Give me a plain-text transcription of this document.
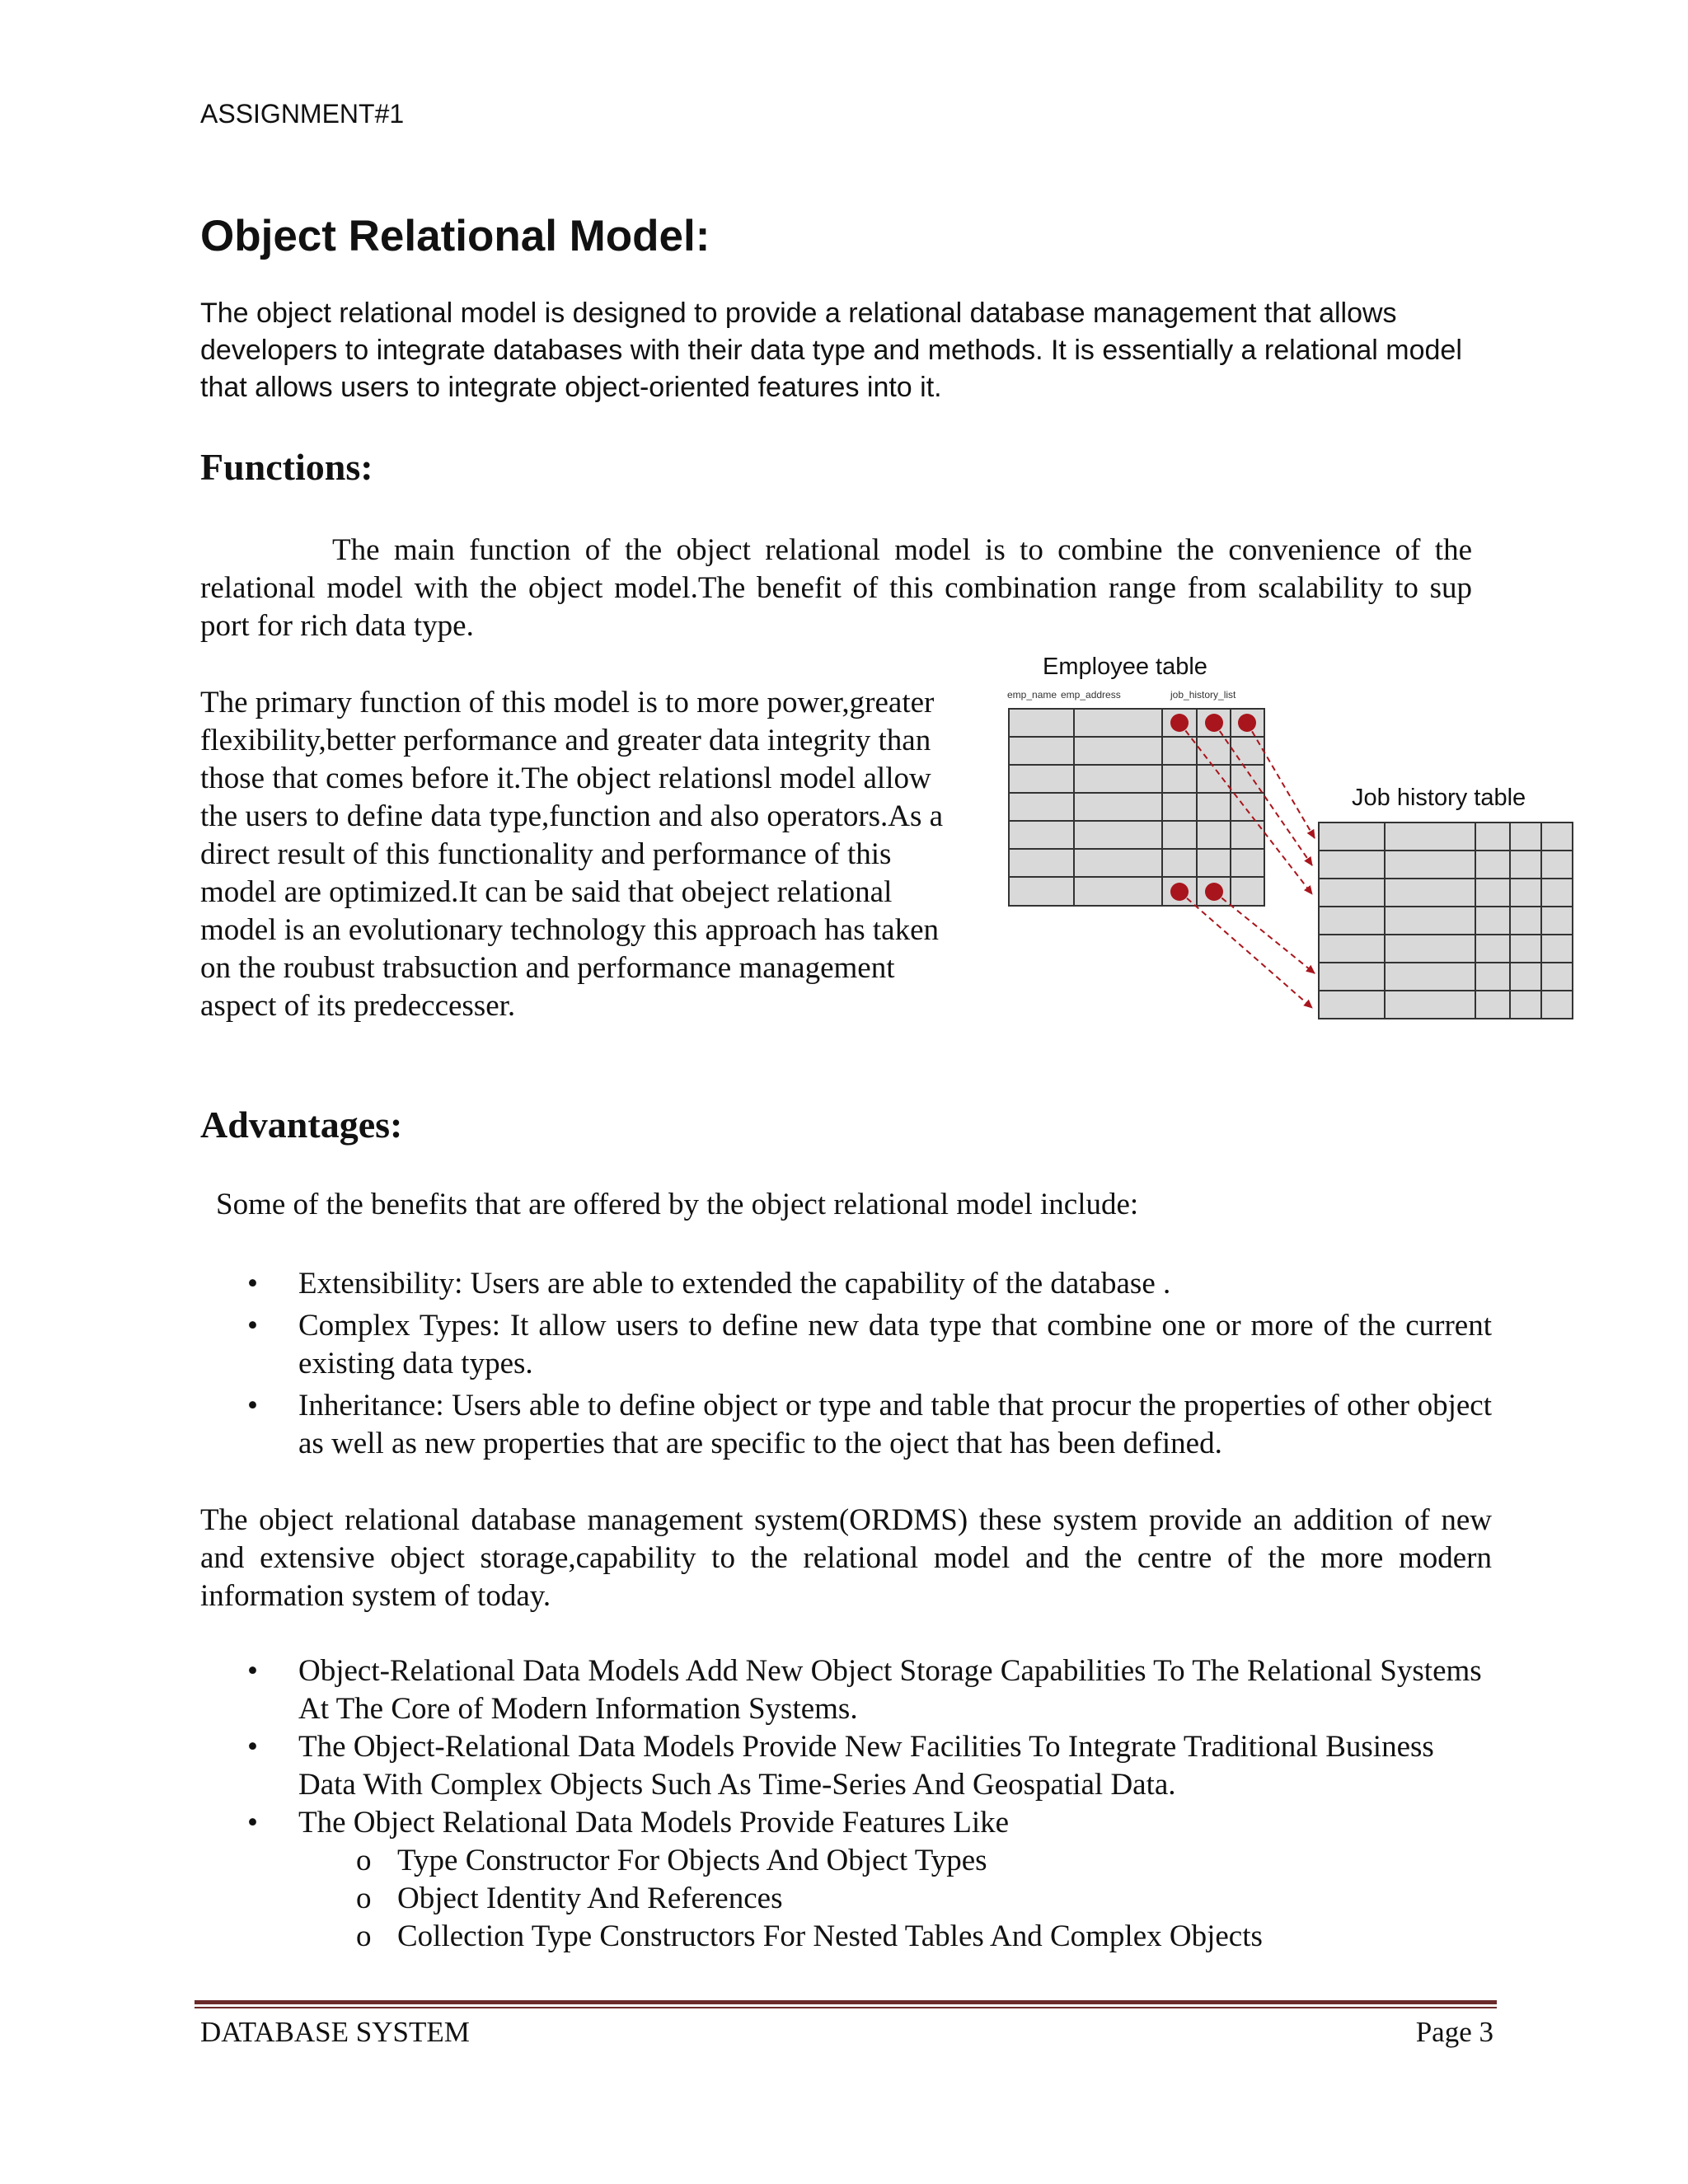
ASSIGNMENT#1
Object Relational Model:

The object relational model is designed to provide a relational database management that allows developers to integrate databases with their data type and methods. It is essentially a relational model that allows users to integrate object-oriented features into it.

Functions:

The main function of the object relational model is to combine the convenience of the relational model with the object model.The benefit of this combination range from scalability to sup port for rich data type.

The primary function of this model is to more power,greater flexibility,better performance and greater data integrity than those that comes before it.The object relationsl model allow the users to define data type,function and also operators.As a direct result of this functionality and performance of this model are optimized.It can be said that obeject relational model is an evolutionary technology this approach has taken on the roubust trabsuction and performance management aspect of its predeccesser.

Employee table
emp_name emp_address	job_history_list
Job history table
Advantages:

Some of the benefits that are offered by the object relational model include:

• Extensibility: Users are able to extended the capability of the database .
• Complex Types: It allow users to define new data type that combine one or more of the current existing data types.
• Inheritance: Users able to define object or type and table that procur the properties of other object as well as new properties that are specific to the oject that has been defined.

The object relational database management system(ORDMS) these system provide an addition of new and extensive object storage,capability to the relational model and the centre of the more modern information system of today.

• Object-Relational Data Models Add New Object Storage Capabilities To The Relational Systems At The Core of Modern Information Systems.
• The Object-Relational Data Models Provide New Facilities To Integrate Traditional Business Data With Complex Objects Such As Time-Series And Geospatial Data.
• The Object Relational Data Models Provide Features Like
o Type Constructor For Objects And Object Types
o Object Identity And References
o Collection Type Constructors For Nested Tables And Complex Objects
DATABASE SYSTEM	Page 3
